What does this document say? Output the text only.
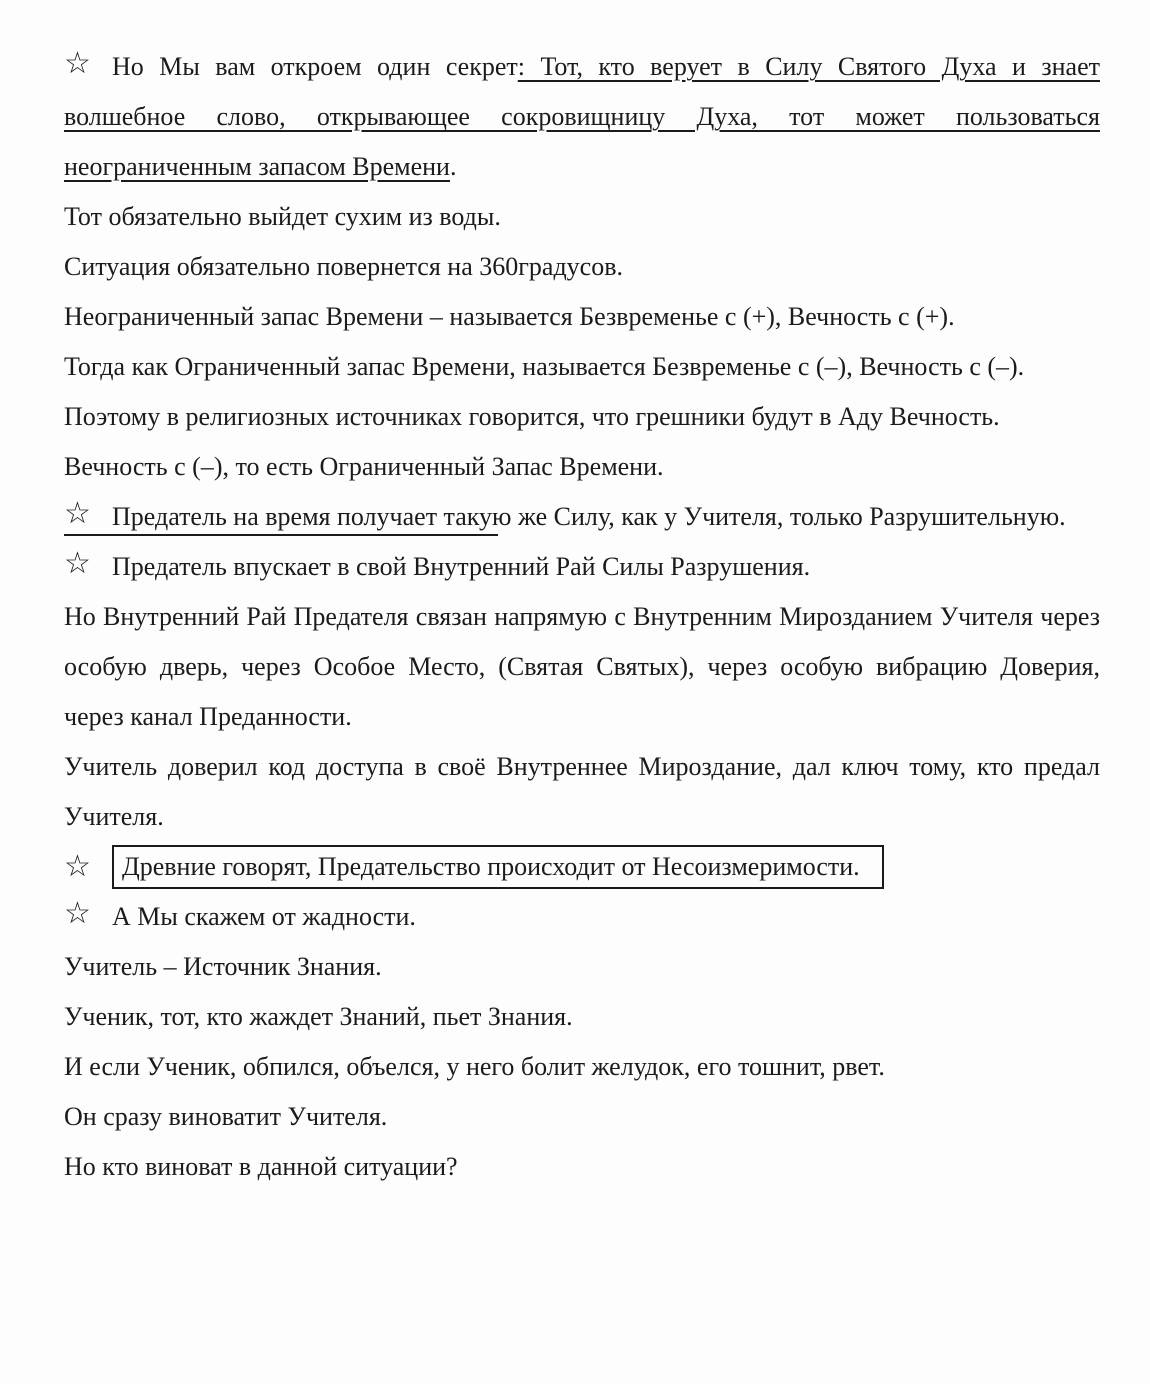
☆ Но Мы вам откроем один секрет: Тот, кто верует в Силу Святого Духа и знает волшебное слово, открывающее сокровищницу Духа, тот может пользоваться неограниченным запасом Времени.

Тот обязательно выйдет сухим из воды.

Ситуация обязательно повернется на 360градусов.

Неограниченный запас Времени – называется Безвременье с (+), Вечность с (+).

Тогда как Ограниченный запас Времени, называется Безвременье с (–), Вечность с (–).

Поэтому в религиозных источниках говорится, что грешники будут в Аду Вечность.

Вечность с (–), то есть Ограниченный Запас Времени.

☆ Предатель на время получает такую же Силу, как у Учителя, только Разрушительную.

☆ Предатель впускает в свой Внутренний Рай Силы Разрушения.

Но Внутренний Рай Предателя связан напрямую с Внутренним Мирозданием Учителя через особую дверь, через Особое Место, (Святая Святых), через особую вибрацию Доверия, через канал Преданности.

Учитель доверил код доступа в своё Внутреннее Мироздание, дал ключ тому, кто предал Учителя.

☆	Древние говорят, Предательство происходит от Несоизмеримости.

☆ А Мы скажем от жадности.

Учитель – Источник Знания.

Ученик, тот, кто жаждет Знаний, пьет Знания.

И если Ученик, обпился, объелся, у него болит желудок, его тошнит, рвет.

Он сразу виноватит Учителя.

Но кто виноват в данной ситуации?
